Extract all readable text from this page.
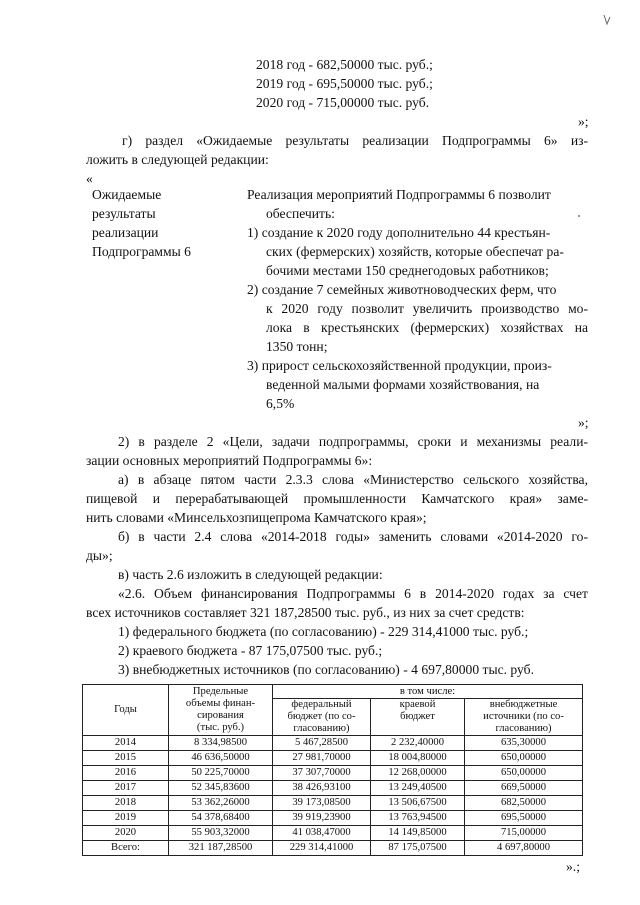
2018 год - 682,50000 тыс. руб.;
2019 год - 695,50000 тыс. руб.;
2020 год - 715,00000 тыс. руб.
»;
г) раздел «Ожидаемые результаты реализации Подпрограммы 6» из-
ложить в следующей редакции:
«
Ожидаемые
результаты
реализации
Подпрограммы 6
Реализация мероприятий Подпрограммы 6 позволит
обеспечить:
1) создание к 2020 году дополнительно 44 крестьян-
ских (фермерских) хозяйств, которые обеспечат ра-
бочими местами 150 среднегодовых работников;
2) создание 7 семейных животноводческих ферм, что
к 2020 году позволит увеличить производство мо-
лока в крестьянских (фермерских) хозяйствах на
1350 тонн;
3) прирост сельскохозяйственной продукции, произ-
веденной малыми формами хозяйствования, на
6,5%
»;
2) в разделе 2 «Цели, задачи подпрограммы, сроки и механизмы реали-
зации основных мероприятий Подпрограммы 6»:
а) в абзаце пятом части 2.3.3 слова «Министерство сельского хозяйства,
пищевой и перерабатывающей промышленности Камчатского края» заме-
нить словами «Минсельхозпищепрома Камчатского края»;
б) в части 2.4 слова «2014-2018 годы» заменить словами «2014-2020 го-
ды»;
в) часть 2.6 изложить в следующей редакции:
«2.6. Объем финансирования Подпрограммы 6 в 2014-2020 годах за счет
всех источников составляет 321 187,28500 тыс. руб., из них за счет средств:
1) федерального бюджета (по согласованию) - 229 314,41000 тыс. руб.;
2) краевого бюджета - 87 175,07500 тыс. руб.;
3) внебюджетных источников (по согласованию) - 4 697,80000 тыс. руб.
Годы	Предельные
объемы финан-
сирования
(тыс. руб.)	в том числе:		

		федеральный
бюджет (по со-
гласованию)	краевой
бюджет	внебюджетные
источники (по со-
гласованию)

2014	8 334,98500	5 467,28500	2 232,40000	635,30000
2015	46 636,50000	27 981,70000	18 004,80000	650,00000
2016	50 225,70000	37 307,70000	12 268,00000	650,00000
2017	52 345,83600	38 426,93100	13 249,40500	669,50000
2018	53 362,26000	39 173,08500	13 506,67500	682,50000
2019	54 378,68400	39 919,23900	13 763,94500	695,50000
2020	55 903,32000	41 038,47000	14 149,85000	715,00000
Всего:	321 187,28500	229 314,41000	87 175,07500	4 697,80000
».;
